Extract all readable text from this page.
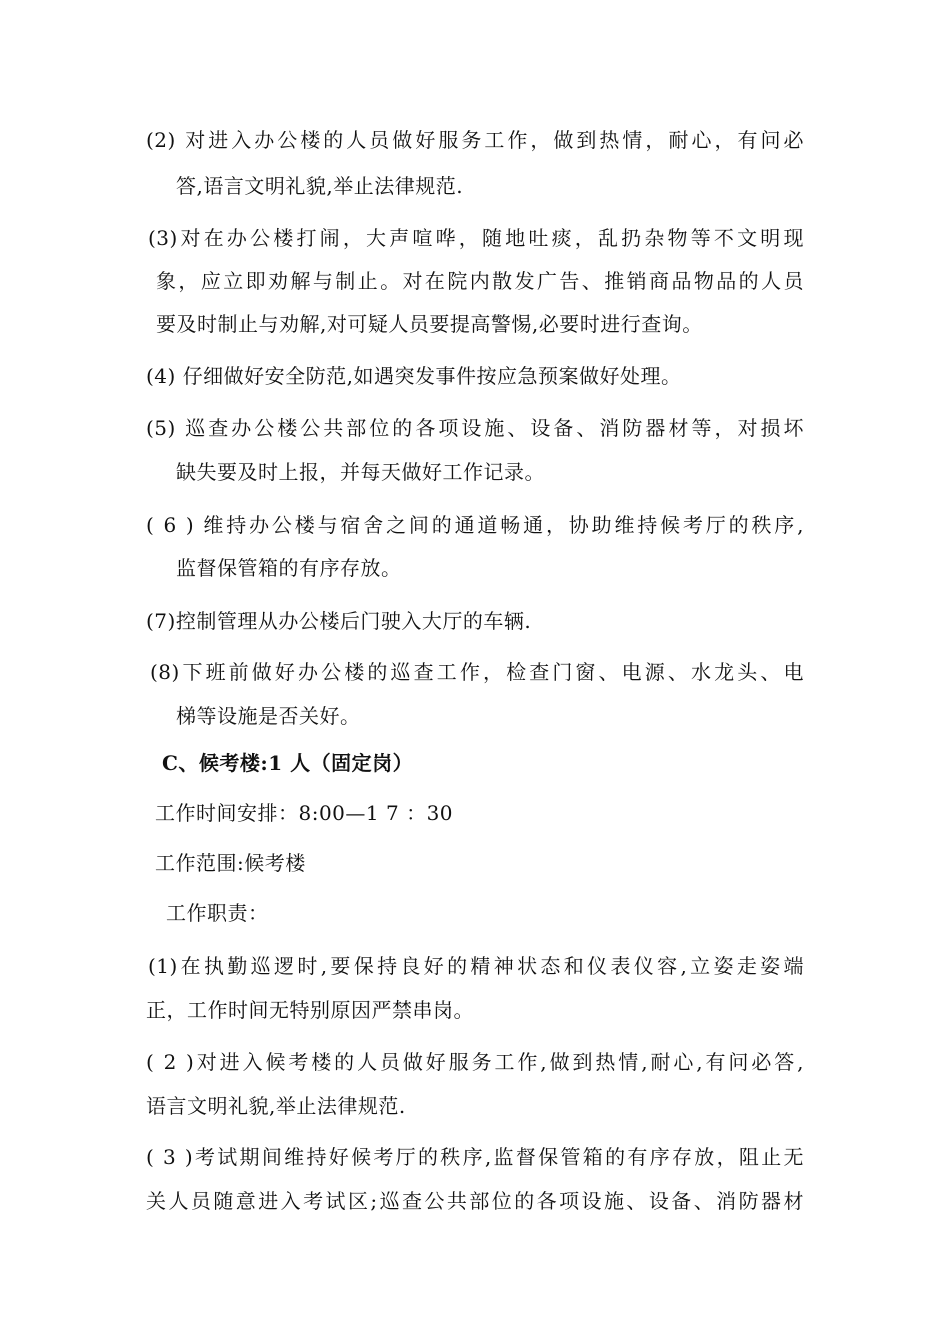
(2) 对进入办公楼的人员做好服务工作，做到热情，耐心，有问必
答,语言文明礼貌,举止法律规范.
(3)对在办公楼打闹，大声喧哗，随地吐痰，乱扔杂物等不文明现
象，应立即劝解与制止。对在院内散发广告、推销商品物品的人员
要及时制止与劝解,对可疑人员要提高警惕,必要时进行查询。
(4) 仔细做好安全防范,如遇突发事件按应急预案做好处理。
(5) 巡查办公楼公共部位的各项设施、设备、消防器材等，对损坏
缺失要及时上报，并每天做好工作记录。
( 6 ) 维持办公楼与宿舍之间的通道畅通，协助维持候考厅的秩序,
监督保管箱的有序存放。
(7)控制管理从办公楼后门驶入大厅的车辆.
(8)下班前做好办公楼的巡查工作，检查门窗、电源、水龙头、电
梯等设施是否关好。
C、候考楼:1 人（固定岗）
工作时间安排：8:00—1 7 ：30
工作范围:候考楼
工作职责：
(1)在执勤巡逻时,要保持良好的精神状态和仪表仪容,立姿走姿端
正，工作时间无特别原因严禁串岗。
( 2 )对进入候考楼的人员做好服务工作,做到热情,耐心,有问必答,
语言文明礼貌,举止法律规范.
( 3 )考试期间维持好候考厅的秩序,监督保管箱的有序存放，阻止无
关人员随意进入考试区;巡查公共部位的各项设施、设备、消防器材
